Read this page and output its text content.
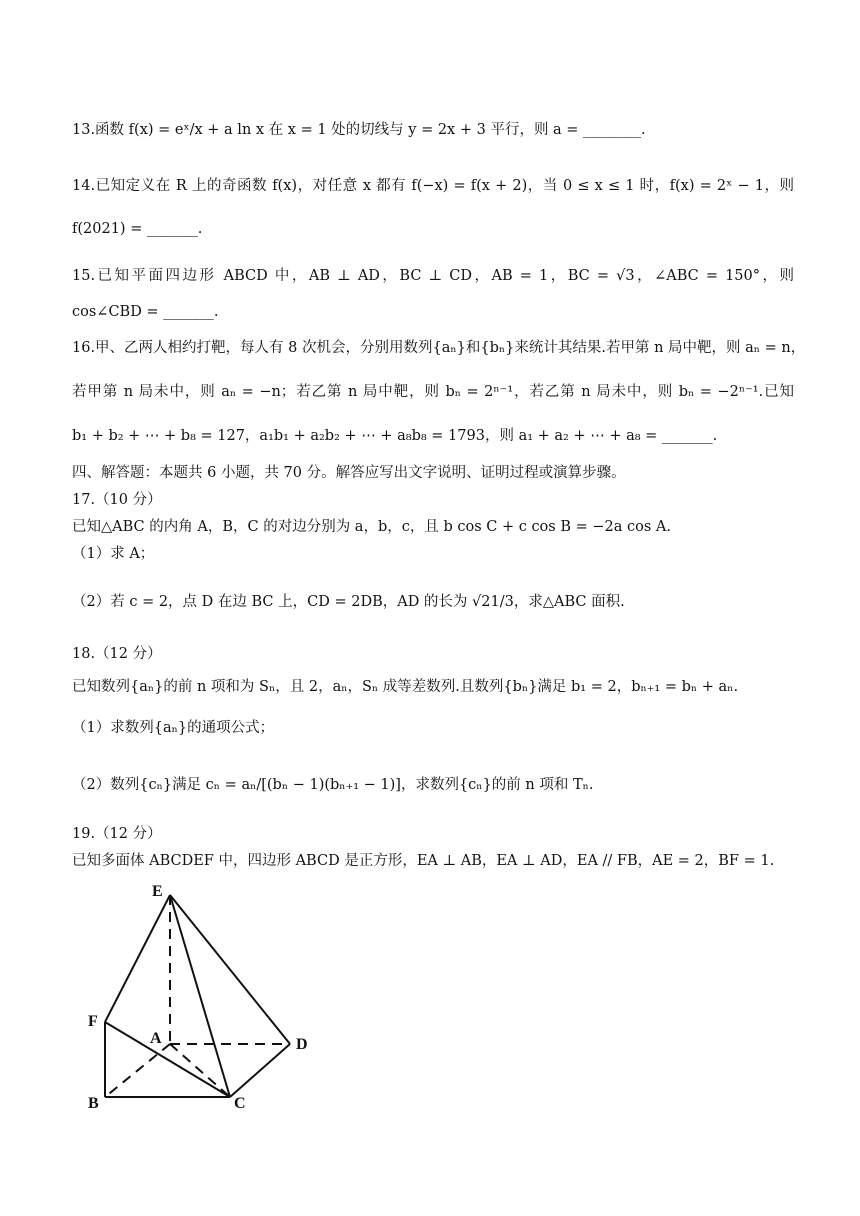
13.函数 f(x) = eˣ/x + a ln x 在 x = 1 处的切线与 y = 2x + 3 平行，则 a = ________.
14.已知定义在 R 上的奇函数 f(x)，对任意 x 都有 f(−x) = f(x + 2)，当 0 ≤ x ≤ 1 时，f(x) = 2ˣ − 1，则
f(2021) = _______.
15.已知平面四边形 ABCD 中，AB ⊥ AD，BC ⊥ CD，AB = 1，BC = √3，∠ABC = 150°，则
cos∠CBD = _______.
16.甲、乙两人相约打靶，每人有 8 次机会，分别用数列{aₙ}和{bₙ}来统计其结果.若甲第 n 局中靶，则 aₙ = n，
若甲第 n 局未中，则 aₙ = −n；若乙第 n 局中靶，则 bₙ = 2ⁿ⁻¹，若乙第 n 局未中，则 bₙ = −2ⁿ⁻¹.已知
b₁ + b₂ + ⋯ + b₈ = 127，a₁b₁ + a₂b₂ + ⋯ + a₈b₈ = 1793，则 a₁ + a₂ + ⋯ + a₈ = _______.
四、解答题：本题共 6 小题，共 70 分。解答应写出文字说明、证明过程或演算步骤。
17.（10 分）
已知△ABC 的内角 A，B，C 的对边分别为 a，b，c，且 b cos C + c cos B = −2a cos A.
（1）求 A；
（2）若 c = 2，点 D 在边 BC 上，CD = 2DB，AD 的长为 √21/3，求△ABC 面积.
18.（12 分）
已知数列{aₙ}的前 n 项和为 Sₙ，且 2，aₙ，Sₙ 成等差数列.且数列{bₙ}满足 b₁ = 2，bₙ₊₁ = bₙ + aₙ.
（1）求数列{aₙ}的通项公式；
（2）数列{cₙ}满足 cₙ = aₙ/[(bₙ − 1)(bₙ₊₁ − 1)]，求数列{cₙ}的前 n 项和 Tₙ.
19.（12 分）
已知多面体 ABCDEF 中，四边形 ABCD 是正方形，EA ⊥ AB，EA ⊥ AD，EA // FB，AE = 2，BF = 1.
E
F
A	D
B	C
